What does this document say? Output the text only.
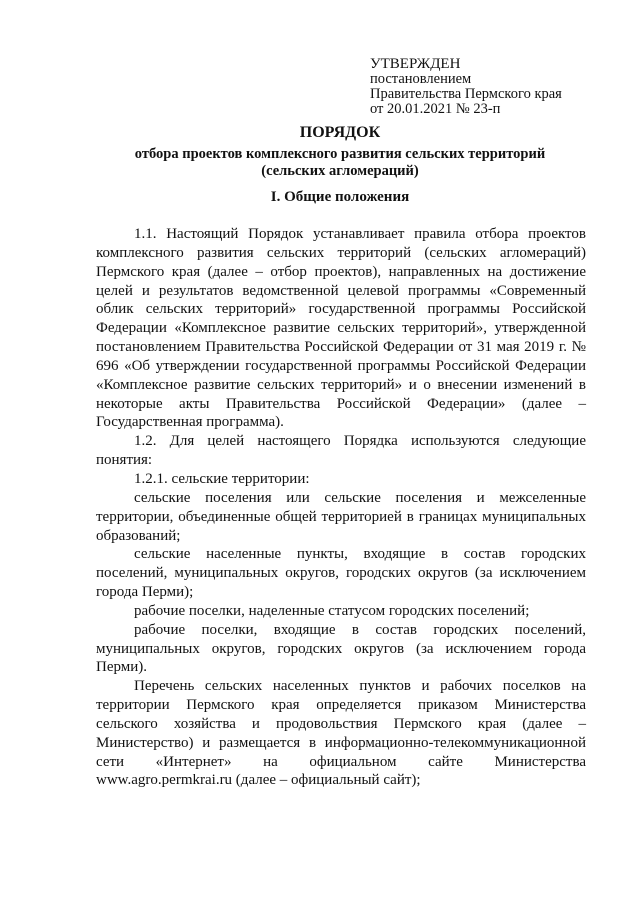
УТВЕРЖДЕН
постановлением
Правительства Пермского края
от 20.01.2021 № 23-п
ПОРЯДОК
отбора проектов комплексного развития сельских территорий
(сельских агломераций)
I. Общие положения

1.1. Настоящий Порядок устанавливает правила отбора проектов комплексного развития сельских территорий (сельских агломераций) Пермского края (далее – отбор проектов), направленных на достижение целей и результатов ведомственной целевой программы «Современный облик сельских территорий» государственной программы Российской Федерации «Комплексное развитие сельских территорий», утвержденной постановлением Правительства Российской Федерации от 31 мая 2019 г. № 696 «Об утверждении государственной программы Российской Федерации «Комплексное развитие сельских территорий» и о внесении изменений в некоторые акты Правительства Российской Федерации» (далее – Государственная программа).

1.2. Для целей настоящего Порядка используются следующие понятия:

1.2.1. сельские территории:

сельские поселения или сельские поселения и межселенные территории, объединенные общей территорией в границах муниципальных образований;

сельские населенные пункты, входящие в состав городских поселений, муниципальных округов, городских округов (за исключением города Перми);

рабочие поселки, наделенные статусом городских поселений;

рабочие поселки, входящие в состав городских поселений, муниципальных округов, городских округов (за исключением города Перми).

Перечень сельских населенных пунктов и рабочих поселков на территории Пермского края определяется приказом Министерства сельского хозяйства и продовольствия Пермского края (далее – Министерство) и размещается в информационно-телекоммуникационной сети «Интернет» на официальном сайте Министерства www.agro.permkrai.ru (далее – официальный сайт);
